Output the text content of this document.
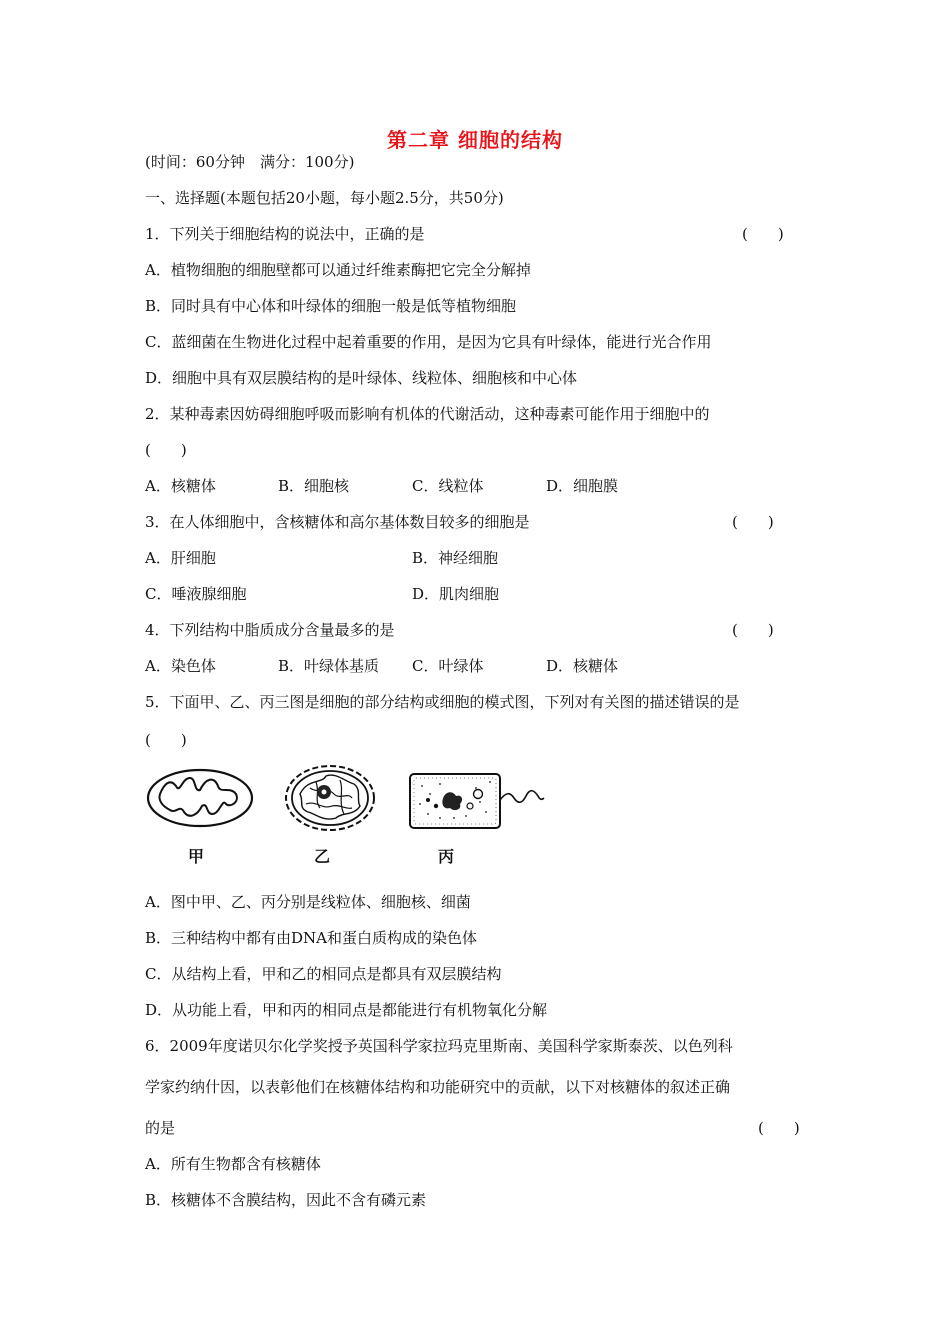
第二章 细胞的结构
(时间：60分钟　满分：100分)
一、选择题(本题包括20小题，每小题2.5分，共50分)
1．下列关于细胞结构的说法中，正确的是	(　　)
A．植物细胞的细胞壁都可以通过纤维素酶把它完全分解掉
B．同时具有中心体和叶绿体的细胞一般是低等植物细胞
C．蓝细菌在生物进化过程中起着重要的作用，是因为它具有叶绿体，能进行光合作用
D．细胞中具有双层膜结构的是叶绿体、线粒体、细胞核和中心体
2．某种毒素因妨碍细胞呼吸而影响有机体的代谢活动，这种毒素可能作用于细胞中的
(　　)
A．核糖体	B．细胞核	C．线粒体	D．细胞膜
3．在人体细胞中，含核糖体和高尔基体数目较多的细胞是	(　　)
A．肝细胞	B．神经细胞
C．唾液腺细胞	D．肌肉细胞
4．下列结构中脂质成分含量最多的是	(　　)
A．染色体	B．叶绿体基质 C．叶绿体	D．核糖体
5．下面甲、乙、丙三图是细胞的部分结构或细胞的模式图，下列对有关图的描述错误的是
(　　)
甲	乙	丙
A．图中甲、乙、丙分别是线粒体、细胞核、细菌
B．三种结构中都有由DNA和蛋白质构成的染色体
C．从结构上看，甲和乙的相同点是都具有双层膜结构
D．从功能上看，甲和丙的相同点是都能进行有机物氧化分解
6．2009年度诺贝尔化学奖授予英国科学家拉玛克里斯南、美国科学家斯泰茨、以色列科
学家约纳什因，以表彰他们在核糖体结构和功能研究中的贡献，以下对核糖体的叙述正确
的是	(　　)
A．所有生物都含有核糖体
B．核糖体不含膜结构，因此不含有磷元素
